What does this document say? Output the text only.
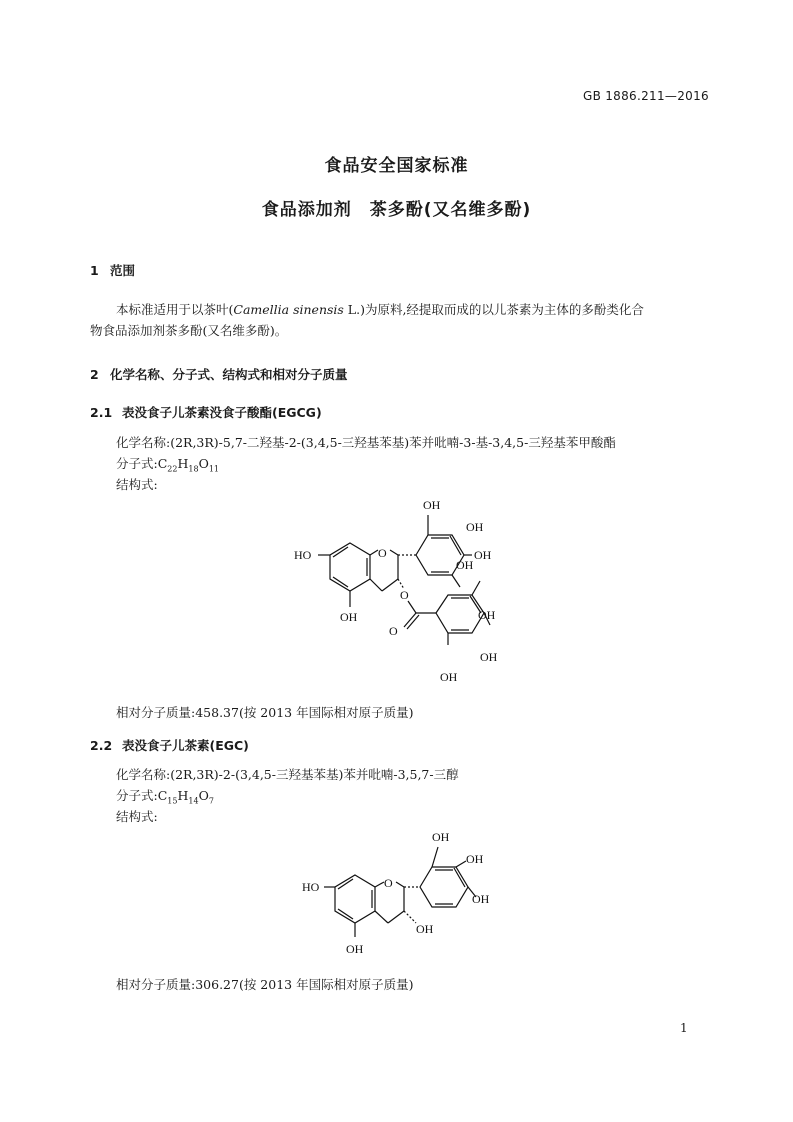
GB 1886.211—2016
食品安全国家标准
食品添加剂　茶多酚(又名维多酚)
1 范围
本标准适用于以茶叶(Camellia sinensis L.)为原料,经提取而成的以儿茶素为主体的多酚类化合
物食品添加剂茶多酚(又名维多酚)。
2 化学名称、分子式、结构式和相对分子质量
2.1 表没食子儿茶素没食子酸酯(EGCG)
化学名称:(2R,3R)-5,7-二羟基-2-(3,4,5-三羟基苯基)苯并吡喃-3-基-3,4,5-三羟基苯甲酸酯
分子式$:C_{22}H_{18}O_{11}$
结构式:
OH
OH
OH
OH
O
HO
OH
O
O
OH
OH
OH
相对分子质量:458.37(按 2013 年国际相对原子质量)
2.2 表没食子儿茶素(EGC)
化学名称:(2R,3R)-2-(3,4,5-三羟基苯基)苯并吡喃-3,5,7-三醇
分子式$:C_{15}H_{14}O_7$
结构式:
OH
OH
OH
O
HO
OH
OH
相对分子质量:306.27(按 2013 年国际相对原子质量)
1
